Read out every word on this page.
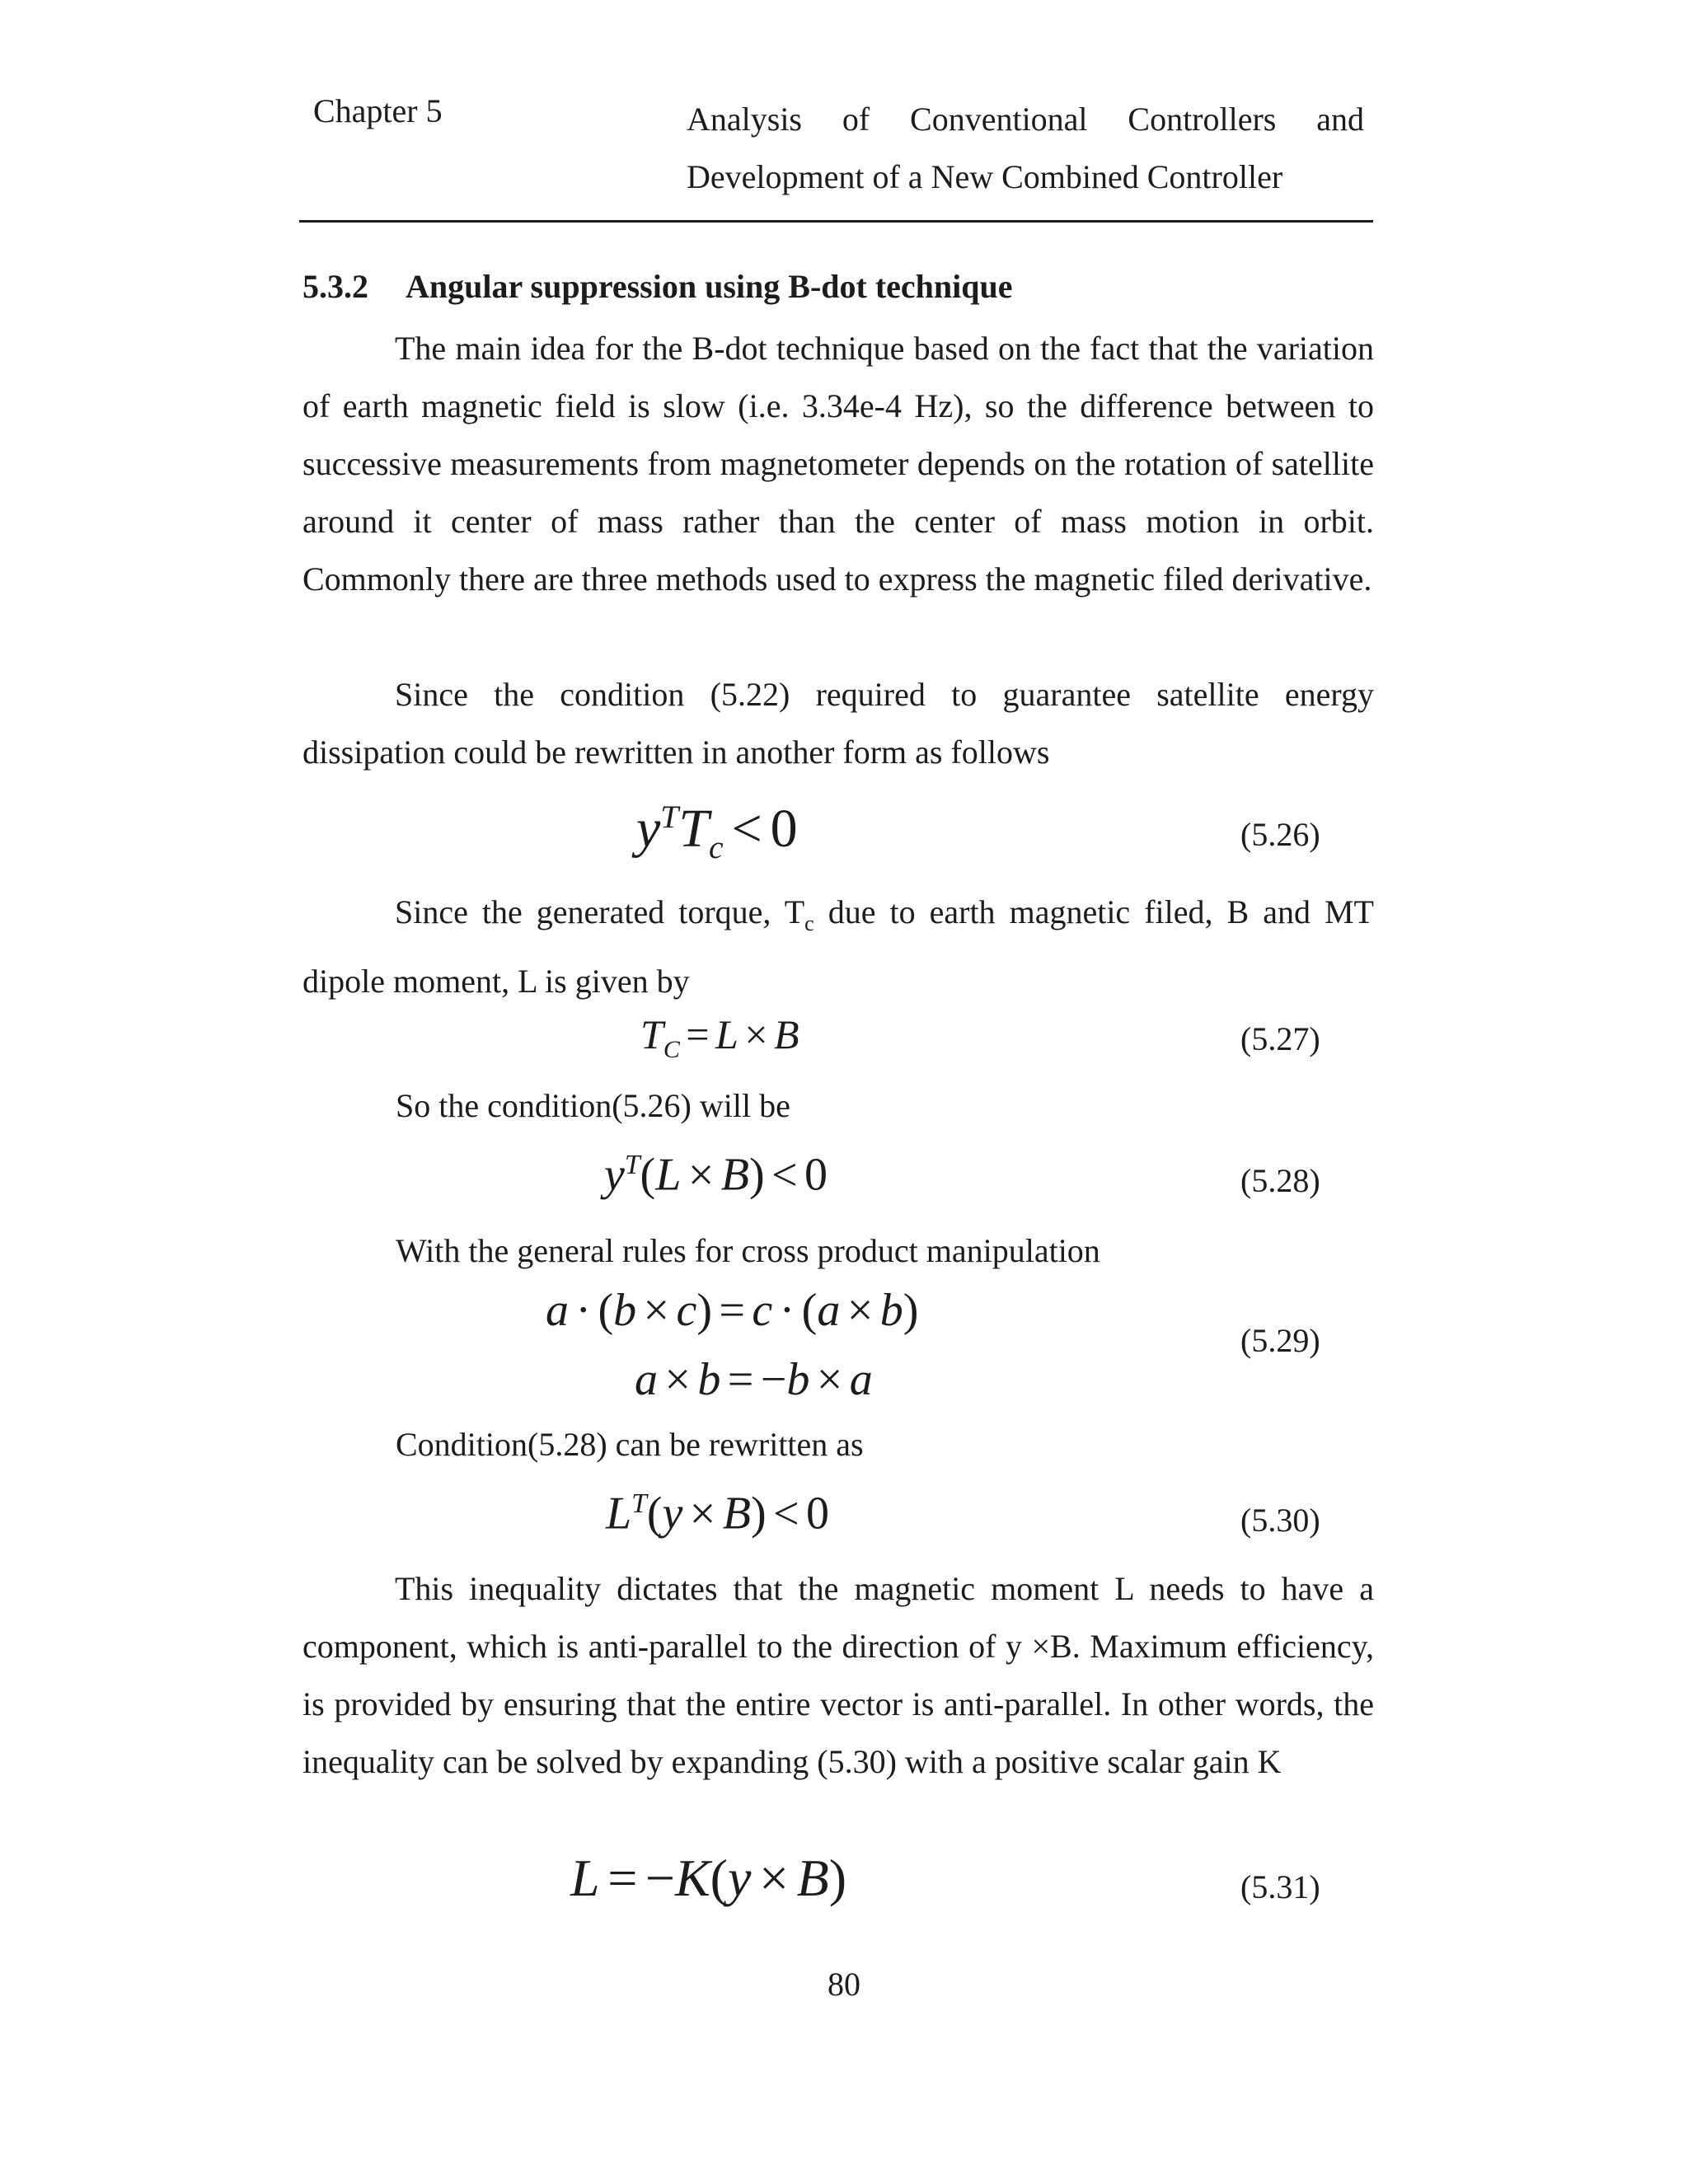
Chapter 5	Analysis of Conventional Controllers and
Development of a New Combined Controller
5.3.2 Angular suppression using B-dot technique
The main idea for the B-dot technique based on the fact that the variation of earth magnetic field is slow (i.e. 3.34e-4 Hz), so the difference between to successive measurements from magnetometer depends on the rotation of satellite around it center of mass rather than the center of mass motion in orbit. Commonly there are three methods used to express the magnetic filed derivative.
Since the condition (5.22) required to guarantee satellite energy dissipation could be rewritten in another form as follows
$y^TT_c < 0$	(5.26)
Since the generated torque, $T_c$ due to earth magnetic filed, B and MT dipole moment, L is given by
$T_C = L \times B$	(5.27)
So the condition(5.26) will be
$y^T(L \times B) < 0$	(5.28)
With the general rules for cross product manipulation
a · (b × c) = c · (a × b)
a × b = −b × a
(5.29)
Condition(5.28) can be rewritten as
$L^T(y \times B) < 0$	(5.30)
This inequality dictates that the magnetic moment L needs to have a component, which is anti-parallel to the direction of y ×B. Maximum efficiency, is provided by ensuring that the entire vector is anti-parallel. In other words, the inequality can be solved by expanding (5.30) with a positive scalar gain K
L = −K(y × B)	(5.31)
80
